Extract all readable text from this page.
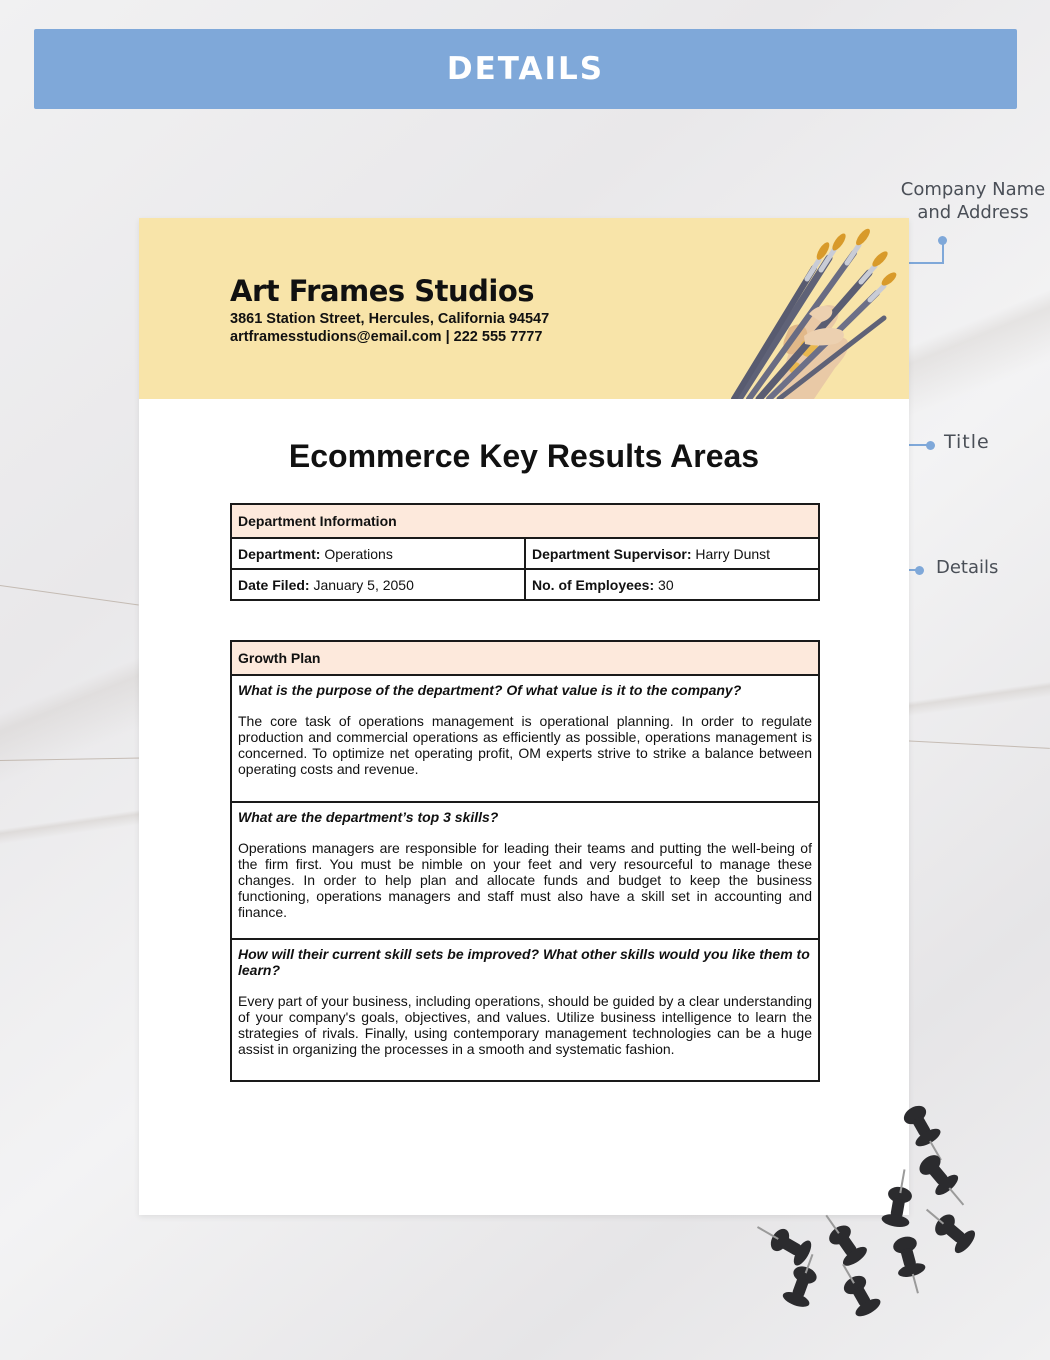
DETAILS
Company Name
and Address
Title
Details
Art Frames Studios
3861 Station Street, Hercules, California 94547
artframesstudions@email.com | 222 555 7777
Ecommerce Key Results Areas
Department Information	
Department: Operations	Department Supervisor: Harry Dunst
Date Filed: January 5, 2050	No. of Employees: 30
Growth Plan

What is the purpose of the department? Of what value is it to the company?

The core task of operations management is operational planning. In order to regulate production and commercial operations as efficiently as possible, operations management is concerned. To optimize net operating profit, OM experts strive to strike a balance between operating costs and revenue.

What are the department’s top 3 skills?

Operations managers are responsible for leading their teams and putting the well-being of the firm first. You must be nimble on your feet and very resourceful to manage these changes. In order to help plan and allocate funds and budget to keep the business functioning, operations managers and staff must also have a skill set in accounting and finance.

How will their current skill sets be improved? What other skills would you like them to learn?

Every part of your business, including operations, should be guided by a clear understanding of your company's goals, objectives, and values. Utilize business intelligence to learn the strategies of rivals. Finally, using contemporary management technologies can be a huge assist in organizing the processes in a smooth and systematic fashion.
